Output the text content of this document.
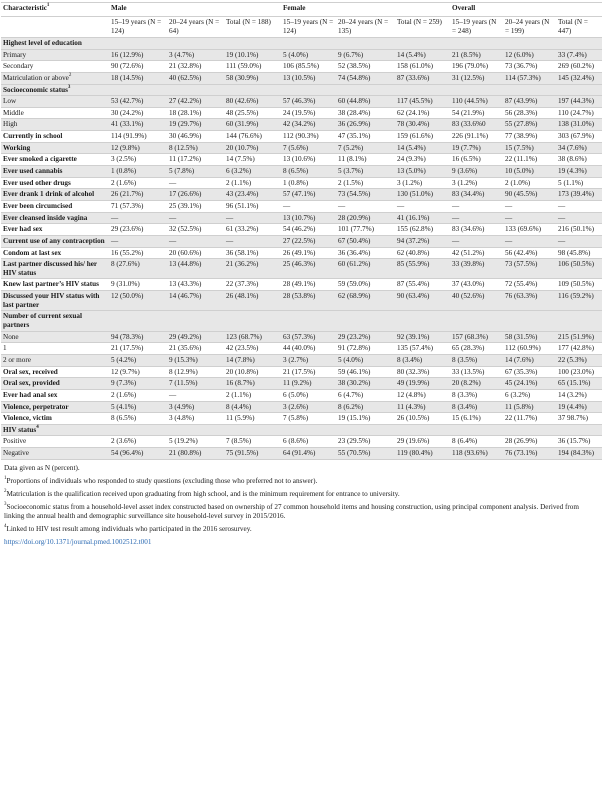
Characteristic$^1$	Male			Female			Overall		
	15–19 years (N = 124)	20–24 years (N = 64)	Total (N = 188)	15–19 years (N = 124)	20–24 years (N = 135)	Total (N = 259)	15–19 years (N = 248)	20–24 years (N = 199)	Total (N = 447)
Highest level of education									
Primary	16 (12.9%)	3 (4.7%)	19 (10.1%)	5 (4.0%)	9 (6.7%)	14 (5.4%)	21 (8.5%)	12 (6.0%)	33 (7.4%)
Secondary	90 (72.6%)	21 (32.8%)	111 (59.0%)	106 (85.5%)	52 (38.5%)	158 (61.0%)	196 (79.0%)	73 (36.7%)	269 (60.2%)
Matriculation or above$^2$	18 (14.5%)	40 (62.5%)	58 (30.9%)	13 (10.5%)	74 (54.8%)	87 (33.6%)	31 (12.5%)	114 (57.3%)	145 (32.4%)
Socioeconomic status$^3$									
Low	53 (42.7%)	27 (42.2%)	80 (42.6%)	57 (46.3%)	60 (44.8%)	117 (45.5%)	110 (44.5%)	87 (43.9%)	197 (44.3%)
Middle	30 (24.2%)	18 (28.1%)	48 (25.5%)	24 (19.5%)	38 (28.4%)	62 (24.1%)	54 (21.9%)	56 (28.3%)	110 (24.7%)
High	41 (33.1%)	19 (29.7%)	60 (31.9%)	42 (34.2%)	36 (26.9%)	78 (30.4%)	83 (33.6%0	55 (27.8%)	138 (31.0%)
Currently in school	114 (91.9%)	30 (46.9%)	144 (76.6%)	112 (90.3%)	47 (35.1%)	159 (61.6%)	226 (91.1%)	77 (38.9%)	303 (67.9%)
Working	12 (9.8%)	8 (12.5%)	20 (10.7%)	7 (5.6%)	7 (5.2%)	14 (5.4%)	19 (7.7%)	15 (7.5%)	34 (7.6%)
Ever smoked a cigarette	3 (2.5%)	11 (17.2%)	14 (7.5%)	13 (10.6%)	11 (8.1%)	24 (9.3%)	16 (6.5%)	22 (11.1%)	38 (8.6%)
Ever used cannabis	1 (0.8%)	5 (7.8%)	6 (3.2%)	8 (6.5%)	5 (3.7%)	13 (5.0%)	9 (3.6%)	10 (5.0%)	19 (4.3%)
Ever used other drugs	2 (1.6%)	—	2 (1.1%)	1 (0.8%)	2 (1.5%)	3 (1.2%)	3 (1.2%)	2 (1.0%)	5 (1.1%)
Ever drank 1 drink of alcohol	26 (21.7%)	17 (26.6%)	43 (23.4%)	57 (47.1%)	73 (54.5%)	130 (51.0%)	83 (34.4%)	90 (45.5%)	173 (39.4%)
Ever been circumcised	71 (57.3%)	25 (39.1%)	96 (51.1%)	—	—	—	—	—	—
Ever cleansed inside vagina	—	—	—	13 (10.7%)	28 (20.9%)	41 (16.1%)	—	—	—
Ever had sex	29 (23.6%)	32 (52.5%)	61 (33.2%)	54 (46.2%)	101 (77.7%)	155 (62.8%)	83 (34.6%)	133 (69.6%)	216 (50.1%)
Current use of any contraception	—	—	—	27 (22.5%)	67 (50.4%)	94 (37.2%)	—	—	—
Condom at last sex	16 (55.2%)	20 (60.6%)	36 (58.1%)	26 (49.1%)	36 (36.4%)	62 (40.8%)	42 (51.2%)	56 (42.4%)	98 (45.8%)
Last partner discussed his/ her HIV status	8 (27.6%)	13 (44.8%)	21 (36.2%)	25 (46.3%)	60 (61.2%)	85 (55.9%)	33 (39.8%)	73 (57.5%)	106 (50.5%)
Knew last partner’s HIV status	9 (31.0%)	13 (43.3%)	22 (37.3%)	28 (49.1%)	59 (59.0%)	87 (55.4%)	37 (43.0%)	72 (55.4%)	109 (50.5%)
Discussed your HIV status with last partner	12 (50.0%)	14 (46.7%)	26 (48.1%)	28 (53.8%)	62 (68.9%)	90 (63.4%)	40 (52.6%)	76 (63.3%)	116 (59.2%)
Number of current sexual partners									
None	94 (78.3%)	29 (49.2%)	123 (68.7%)	63 (57.3%)	29 (23.2%)	92 (39.1%)	157 (68.3%)	58 (31.5%)	215 (51.9%)
1	21 (17.5%)	21 (35.6%)	42 (23.5%)	44 (40.0%)	91 (72.8%)	135 (57.4%)	65 (28.3%)	112 (60.9%)	177 (42.8%)
2 or more	5 (4.2%)	9 (15.3%)	14 (7.8%)	3 (2.7%)	5 (4.0%)	8 (3.4%)	8 (3.5%)	14 (7.6%)	22 (5.3%)
Oral sex, received	12 (9.7%)	8 (12.9%)	20 (10.8%)	21 (17.5%)	59 (46.1%)	80 (32.3%)	33 (13.5%)	67 (35.3%)	100 (23.0%)
Oral sex, provided	9 (7.3%)	7 (11.5%)	16 (8.7%)	11 (9.2%)	38 (30.2%)	49 (19.9%)	20 (8.2%)	45 (24.1%)	65 (15.1%)
Ever had anal sex	2 (1.6%)	—	2 (1.1%)	6 (5.0%)	6 (4.7%)	12 (4.8%)	8 (3.3%)	6 (3.2%)	14 (3.2%)
Violence, perpetrator	5 (4.1%)	3 (4.9%)	8 (4.4%)	3 (2.6%)	8 (6.2%)	11 (4.3%)	8 (3.4%)	11 (5.8%)	19 (4.4%)
Violence, victim	8 (6.5%)	3 (4.8%)	11 (5.9%)	7 (5.8%)	19 (15.1%)	26 (10.5%)	15 (6.1%)	22 (11.7%)	37 98.7%)
HIV status$^4$									
Positive	2 (3.6%)	5 (19.2%)	7 (8.5%)	6 (8.6%)	23 (29.5%)	29 (19.6%)	8 (6.4%)	28 (26.9%)	36 (15.7%)
Negative	54 (96.4%)	21 (80.8%)	75 (91.5%)	64 (91.4%)	55 (70.5%)	119 (80.4%)	118 (93.6%)	76 (73.1%)	194 (84.3%)

Data given as N (percent).

$^1$Proportions of individuals who responded to study questions (excluding those who preferred not to answer).

$^2$Matriculation is the qualification received upon graduating from high school, and is the minimum requirement for entrance to university.

$^3$Socioeconomic status from a household-level asset index constructed based on ownership of 27 common household items and housing construction, using principal component analysis. Derived from linking the annual health and demographic surveillance site household-level survey in 2015/2016.

$^4$Linked to HIV test result among individuals who participated in the 2016 serosurvey.

https://doi.org/10.1371/journal.pmed.1002512.t001
